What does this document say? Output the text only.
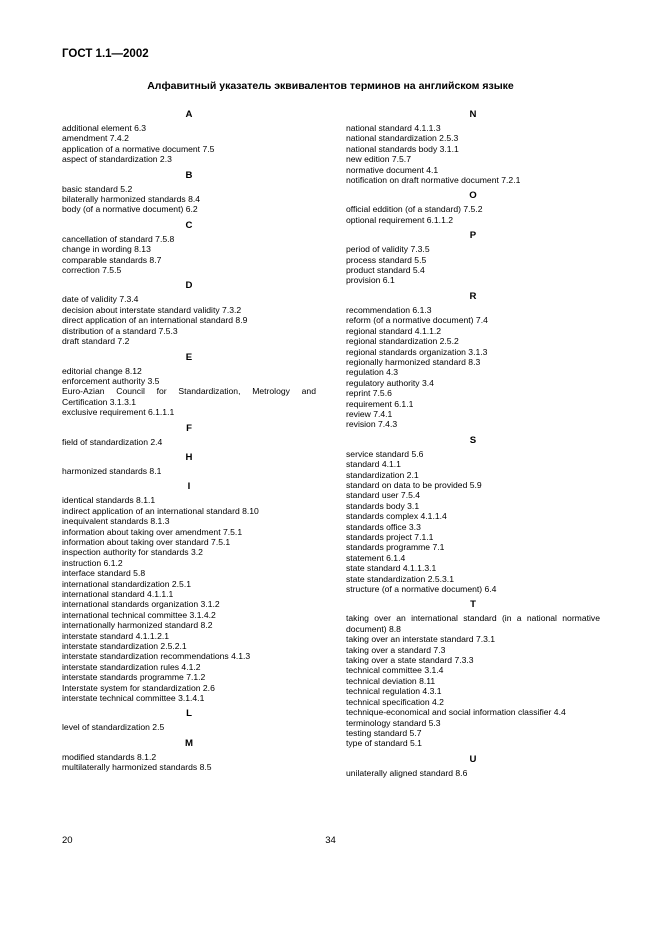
ГОСТ 1.1—2002
Алфавитный указатель эквивалентов терминов на английском языке
A
additional element 6.3
amendment 7.4.2
application of a normative document 7.5
aspect of standardization 2.3
B
basic standard 5.2
bilaterally harmonized standards 8.4
body (of a normative document) 6.2
C
cancellation of standard 7.5.8
change in wording 8.13
comparable standards 8.7
correction 7.5.5
D
date of validity 7.3.4
decision about interstate standard validity 7.3.2
direct application of an international standard 8.9
distribution of a standard 7.5.3
draft standard 7.2
E
editorial change 8.12
enforcement authority 3.5
Euro-Azian Council for Standardization, Metrology and Certification 3.1.3.1
exclusive requirement 6.1.1.1
F
field of standardization 2.4
H
harmonized standards 8.1
I
identical standards 8.1.1
indirect application of an international standard 8.10
inequivalent standards 8.1.3
information about taking over amendment 7.5.1
information about taking over standard 7.5.1
inspection authority for standards 3.2
instruction 6.1.2
interface standard 5.8
international standardization 2.5.1
international standard 4.1.1.1
international standards organization 3.1.2
international technical committee 3.1.4.2
internationally harmonized standard 8.2
interstate standard 4.1.1.2.1
interstate standardization 2.5.2.1
interstate standardization recommendations 4.1.3
interstate standardization rules 4.1.2
interstate standards programme 7.1.2
Interstate system for standardization 2.6
interstate technical committee 3.1.4.1
L
level of standardization 2.5
M
modified standards 8.1.2
multilaterally harmonized standards 8.5
N
national standard 4.1.1.3
national standardization 2.5.3
national standards body 3.1.1
new edition 7.5.7
normative document 4.1
notification on draft normative document 7.2.1
O
official eddition (of a standard) 7.5.2
optional requirement 6.1.1.2
P
period of validity 7.3.5
process standard 5.5
product standard 5.4
provision 6.1
R
recommendation 6.1.3
reform (of a normative document) 7.4
regional standard 4.1.1.2
regional standardization 2.5.2
regional standards organization 3.1.3
regionally harmonized standard 8.3
regulation 4.3
regulatory authority 3.4
reprint 7.5.6
requirement 6.1.1
review 7.4.1
revision 7.4.3
S
service standard 5.6
standard 4.1.1
standardization 2.1
standard on data to be provided 5.9
standard user 7.5.4
standards body 3.1
standards complex 4.1.1.4
standards office 3.3
standards project 7.1.1
standards programme 7.1
statement 6.1.4
state standard 4.1.1.3.1
state standardization 2.5.3.1
structure (of a normative document) 6.4
T
taking over an international standard (in a national normative document) 8.8
taking over an interstate standard 7.3.1
taking over a standard 7.3
taking over a state standard 7.3.3
technical committee 3.1.4
technical deviation 8.11
technical regulation 4.3.1
technical specification 4.2
technique-economical and social information classifier 4.4
terminology standard 5.3
testing standard 5.7
type of standard 5.1
U
unilaterally aligned standard 8.6
20	34
